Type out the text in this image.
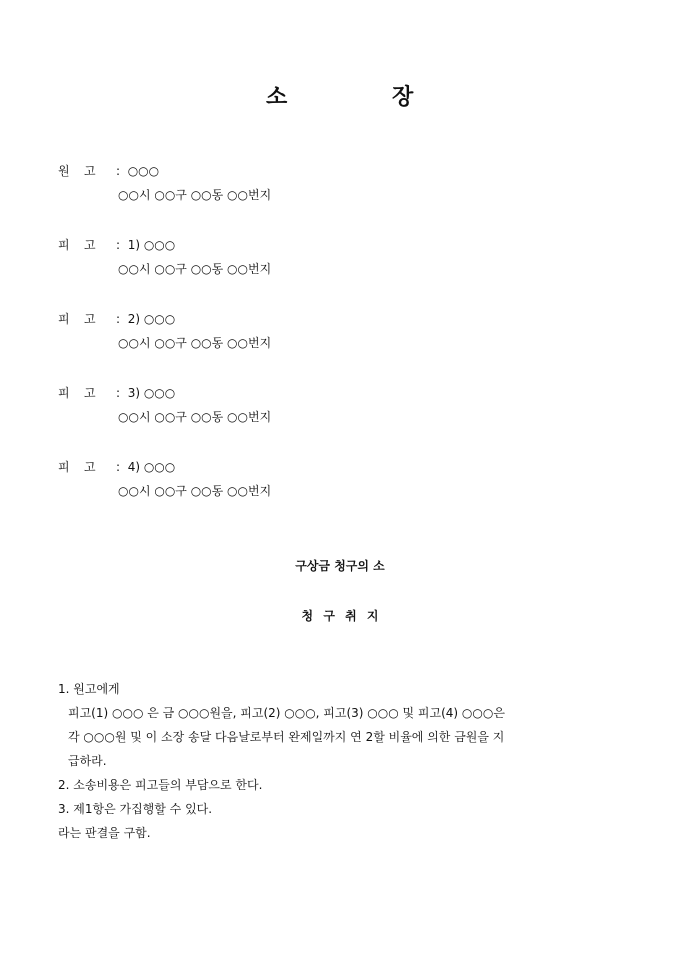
소	장
원 고 : ○○○
○○시 ○○구 ○○동 ○○번지
피 고 : 1) ○○○
○○시 ○○구 ○○동 ○○번지
피 고 : 2) ○○○
○○시 ○○구 ○○동 ○○번지
피 고 : 3) ○○○
○○시 ○○구 ○○동 ○○번지
피 고 : 4) ○○○
○○시 ○○구 ○○동 ○○번지
구상금 청구의 소
청 구 취 지

1. 원고에게

피고(1) ○○○ 은 금 ○○○원을, 피고(2) ○○○, 피고(3) ○○○ 및 피고(4) ○○○은

각 ○○○원 및 이 소장 송달 다음날로부터 완제일까지 연 2할 비율에 의한 금원을 지

급하라.

2. 소송비용은 피고들의 부담으로 한다.

3. 제1항은 가집행할 수 있다.

라는 판결을 구함.
